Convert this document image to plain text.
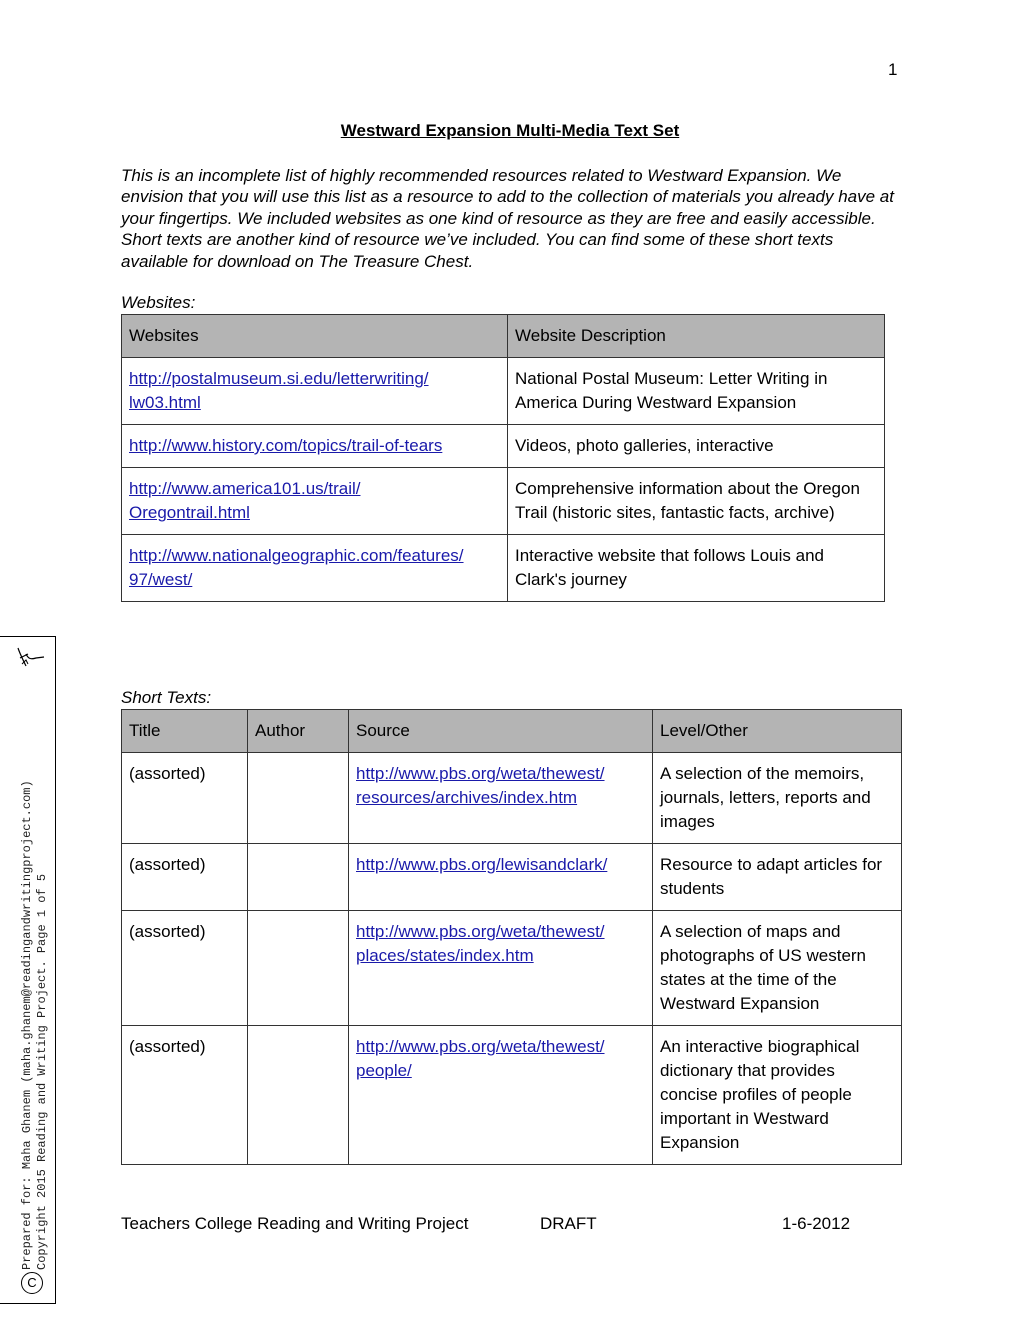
1
Westward Expansion Multi-Media Text Set

This is an incomplete list of highly recommended resources related to Westward Expansion. We envision that you will use this list as a resource to add to the collection of materials you already have at your fingertips. We included websites as one kind of resource as they are free and easily accessible. Short texts are another kind of resource we’ve included. You can find some of these short texts available for download on The Treasure Chest.

Websites:
Websites	Website Description
http://postalmuseum.si.edu/letterwriting/
lw03.html	National Postal Museum: Letter Writing in America During Westward Expansion
http://www.history.com/topics/trail-of-tears	Videos, photo galleries, interactive
http://www.america101.us/trail/
Oregontrail.html	Comprehensive information about the Oregon Trail (historic sites, fantastic facts, archive)
http://www.nationalgeographic.com/features/
97/west/	Interactive website that follows Louis and Clark's journey
Short Texts:
Title	Author	Source	Level/Other
(assorted)		http://www.pbs.org/weta/thewest/
resources/archives/index.htm	A selection of the memoirs, journals, letters, reports and images
(assorted)		http://www.pbs.org/lewisandclark/	Resource to adapt articles for students
(assorted)		http://www.pbs.org/weta/thewest/
places/states/index.htm	A selection of maps and photographs of US western states at the time of the Westward Expansion
(assorted)		http://www.pbs.org/weta/thewest/
people/	An interactive biographical dictionary that provides concise profiles of people important in Westward Expansion
Teachers College Reading and Writing Project	DRAFT	1-6-2012
Prepared for: Maha Ghanem (maha.ghanem@readingandwritingproject.com) Copyright 2015 Reading and Writing Project. Page 1 of 5
C
